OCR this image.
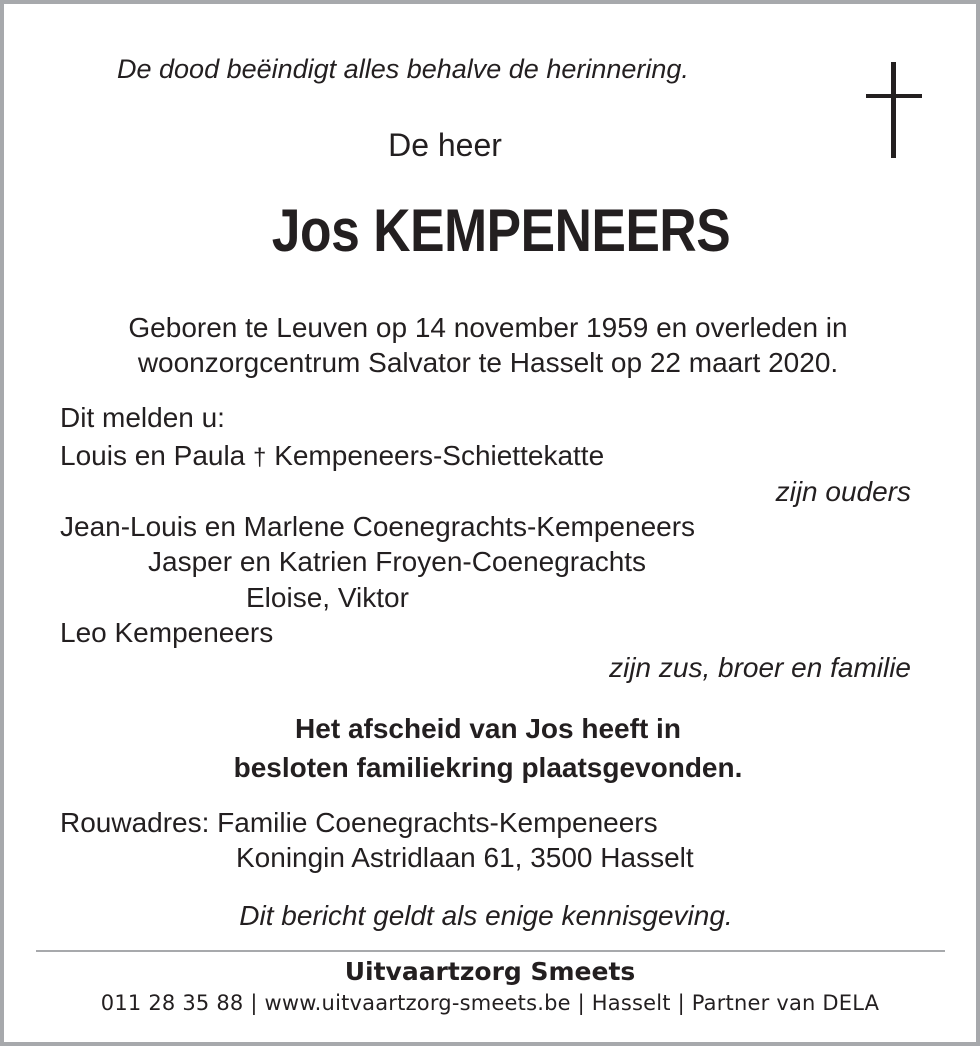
De dood beëindigt alles behalve de herinnering.

De heer

Jos KEMPENEERS
Geboren te Leuven op 14 november 1959 en overleden in
woonzorgcentrum Salvator te Hasselt op 22 maart 2020.

Dit melden u:

Louis en Paula † Kempeneers-Schiettekatte

zijn ouders

Jean-Louis en Marlene Coenegrachts-Kempeneers

Jasper en Katrien Froyen-Coenegrachts

Eloise, Viktor

Leo Kempeneers

zijn zus, broer en familie

Het afscheid van Jos heeft in
besloten familiekring plaatsgevonden.

Rouwadres: Familie Coenegrachts-Kempeneers

Koningin Astridlaan 61, 3500 Hasselt

Dit bericht geldt als enige kennisgeving.

Uitvaartzorg Smeets

011 28 35 88 | www.uitvaartzorg-smeets.be | Hasselt | Partner van DELA
